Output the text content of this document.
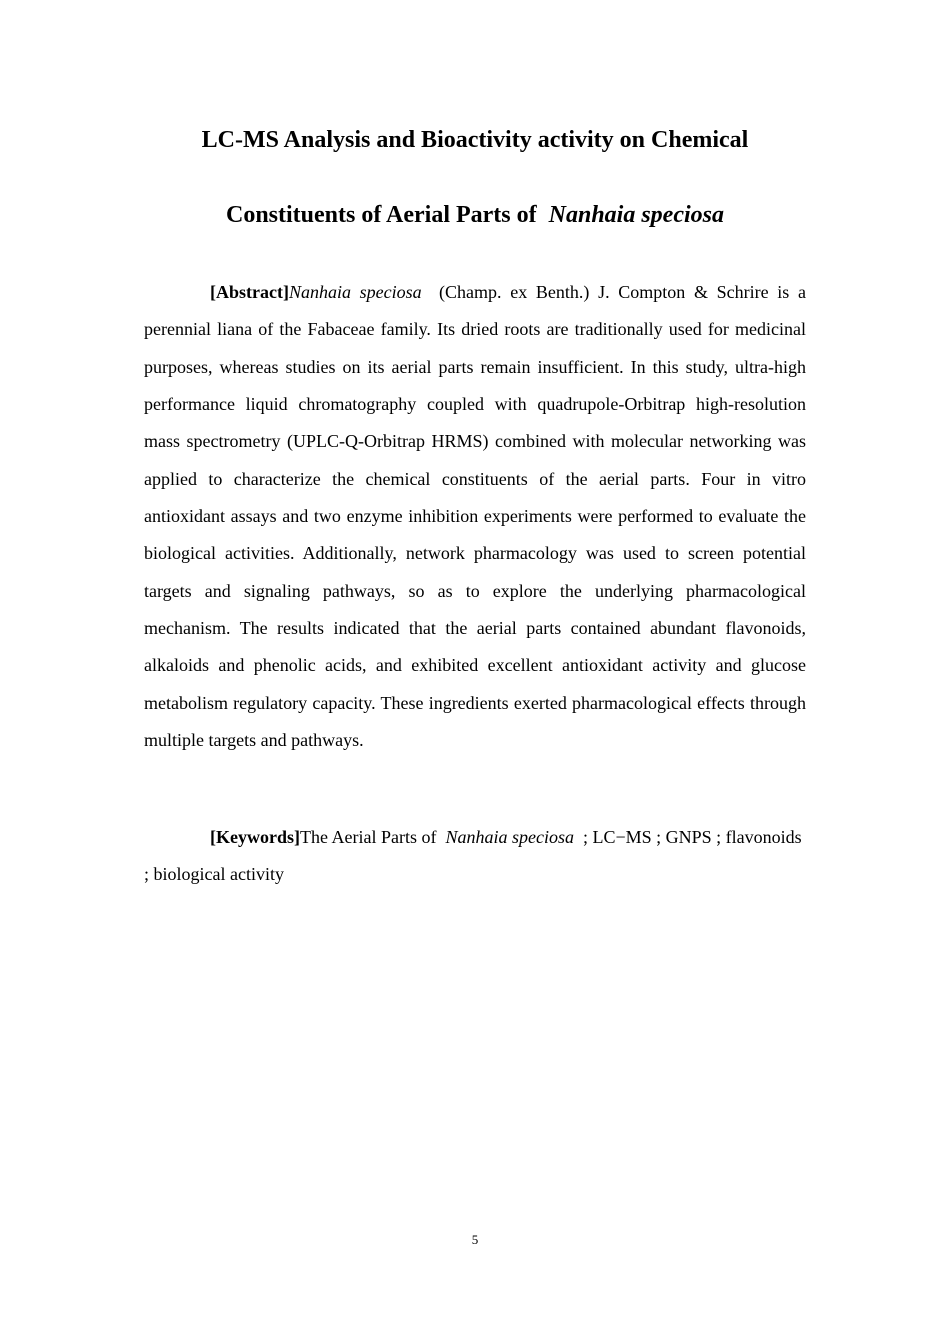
LC-MS Analysis and Bioactivity activity on Chemical
Constituents of Aerial Parts of Nanhaia speciosa

[Abstract]Nanhaia speciosa (Champ. ex Benth.) J. Compton & Schrire is a perennial liana of the Fabaceae family. Its dried roots are traditionally used for medicinal purposes, whereas studies on its aerial parts remain insufficient. In this study, ultra-high performance liquid chromatography coupled with quadrupole-Orbitrap high-resolution mass spectrometry (UPLC-Q-Orbitrap HRMS) combined with molecular networking was applied to characterize the chemical constituents of the aerial parts. Four in vitro antioxidant assays and two enzyme inhibition experiments were performed to evaluate the biological activities. Additionally, network pharmacology was used to screen potential targets and signaling pathways, so as to explore the underlying pharmacological mechanism. The results indicated that the aerial parts contained abundant flavonoids, alkaloids and phenolic acids, and exhibited excellent antioxidant activity and glucose metabolism regulatory capacity. These ingredients exerted pharmacological effects through multiple targets and pathways.

[Keywords]The Aerial Parts of Nanhaia speciosa ; LC−MS ; GNPS ; flavonoids ; biological activity

5
